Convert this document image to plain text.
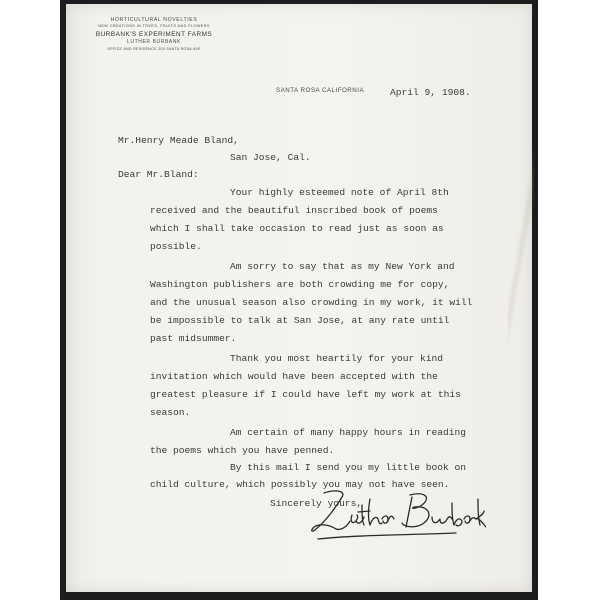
HORTICULTURAL NOVELTIES
NEW CREATIONS IN TREES, FRUITS AND FLOWERS
BURBANK'S EXPERIMENT FARMS
LUTHER BURBANK
OFFICE AND RESIDENCE 204 SANTA ROSA AVE
SANTA ROSA CALIFORNIA	April 9, 1908.
Mr.Henry Meade Bland,
San Jose, Cal.
Dear Mr.Bland:
Your highly esteemed note of April 8th
received and the beautiful inscribed book of poems
which I shall take occasion to read just as soon as
possible.
Am sorry to say that as my New York and
Washington publishers are both crowding me for copy,
and the unusual season also crowding in my work, it will
be impossible to talk at San Jose, at any rate until
past midsummer.
Thank you most heartily for your kind
invitation which would have been accepted with the
greatest pleasure if I could have left my work at this
season.
Am certain of many happy hours in reading
the poems which you have penned.
By this mail I send you my little book on
child culture, which possibly you may not have seen.
Sincerely yours,
